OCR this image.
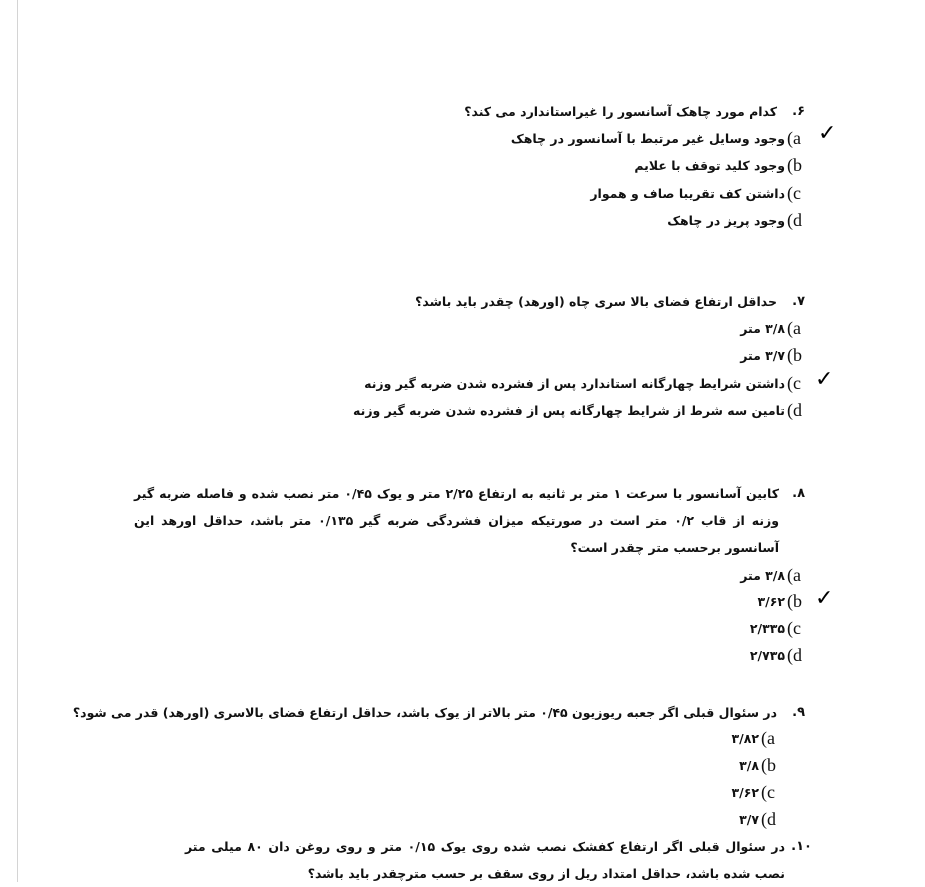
۶.
کدام مورد چاهک آسانسور را غیراستاندارد می کند؟
(a
وجود وسایل غیر مرتبط با آسانسور در چاهک ✓
(b
وجود کلید توقف با علایم
(c
داشتن کف تقریبا صاف و هموار
(d
وجود پریز در چاهک
۷.
حداقل ارتفاع فضای بالا سری چاه (اورهد) چقدر باید باشد؟
(a
۳/۸ متر
(b
۳/۷ متر
(c
داشتن شرایط چهارگانه استاندارد پس از فشرده شدن ضربه گیر وزنه ✓
(d
تامین سه شرط از شرایط چهارگانه پس از فشرده شدن ضربه گیر وزنه
۸.
کابین آسانسور با سرعت ۱ متر بر ثانیه به ارتفاع ۲/۲۵ متر و یوک ۰/۴۵ متر نصب شده و فاصله ضربه گیر وزنه از قاب ۰/۲ متر است در صورتیکه میزان فشردگی ضربه گیر ۰/۱۳۵ متر باشد، حداقل اورهد این آسانسور برحسب متر چقدر است؟
(a
۳/۸ متر
(b
۳/۶۲ ✓
(c
۲/۳۳۵
(d
۲/۷۳۵
۹.
در سئوال قبلی اگر جعبه ریوزیون ۰/۴۵ متر بالاتر از یوک باشد، حداقل ارتفاع فضای بالاسری (اورهد) قدر می شود؟
(a
۳/۸۲
(b
۳/۸
(c
۳/۶۲
(d
۳/۷
۱۰.
در سئوال قبلی اگر ارتفاع کفشک نصب شده روی یوک ۰/۱۵ متر و روی روغن دان ۸۰ میلی متر نصب شده باشد، حداقل امتداد ریل از روی سقف بر حسب مترچقدر باید باشد؟
